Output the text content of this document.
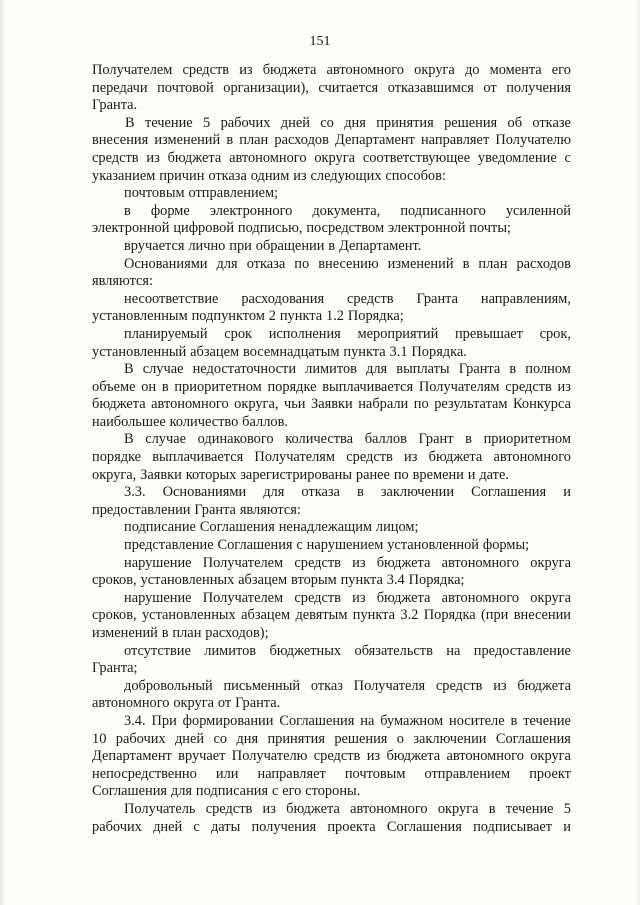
151
Получателем средств из бюджета автономного округа до момента его
передачи почтовой организации), считается отказавшимся от получения
Гранта.
В течение 5 рабочих дней со дня принятия решения об отказе
внесения изменений в план расходов Департамент направляет Получателю
средств из бюджета автономного округа соответствующее уведомление с
указанием причин отказа одним из следующих способов:
почтовым отправлением;
в форме электронного документа, подписанного усиленной
электронной цифровой подписью, посредством электронной почты;
вручается лично при обращении в Департамент.
Основаниями для отказа по внесению изменений в план расходов
являются:
несоответствие расходования средств Гранта направлениям,
установленным подпунктом 2 пункта 1.2 Порядка;
планируемый срок исполнения мероприятий превышает срок,
установленный абзацем восемнадцатым пункта 3.1 Порядка.
В случае недостаточности лимитов для выплаты Гранта в полном
объеме он в приоритетном порядке выплачивается Получателям средств из
бюджета автономного округа, чьи Заявки набрали по результатам Конкурса
наибольшее количество баллов.
В случае одинакового количества баллов Грант в приоритетном
порядке выплачивается Получателям средств из бюджета автономного
округа, Заявки которых зарегистрированы ранее по времени и дате.
3.3. Основаниями для отказа в заключении Соглашения и
предоставлении Гранта являются:
подписание Соглашения ненадлежащим лицом;
представление Соглашения с нарушением установленной формы;
нарушение Получателем средств из бюджета автономного округа
сроков, установленных абзацем вторым пункта 3.4 Порядка;
нарушение Получателем средств из бюджета автономного округа
сроков, установленных абзацем девятым пункта 3.2 Порядка (при внесении
изменений в план расходов);
отсутствие лимитов бюджетных обязательств на предоставление
Гранта;
добровольный письменный отказ Получателя средств из бюджета
автономного округа от Гранта.
3.4. При формировании Соглашения на бумажном носителе в течение
10 рабочих дней со дня принятия решения о заключении Соглашения
Департамент вручает Получателю средств из бюджета автономного округа
непосредственно или направляет почтовым отправлением проект
Соглашения для подписания с его стороны.
Получатель средств из бюджета автономного округа в течение 5
рабочих дней с даты получения проекта Соглашения подписывает и
